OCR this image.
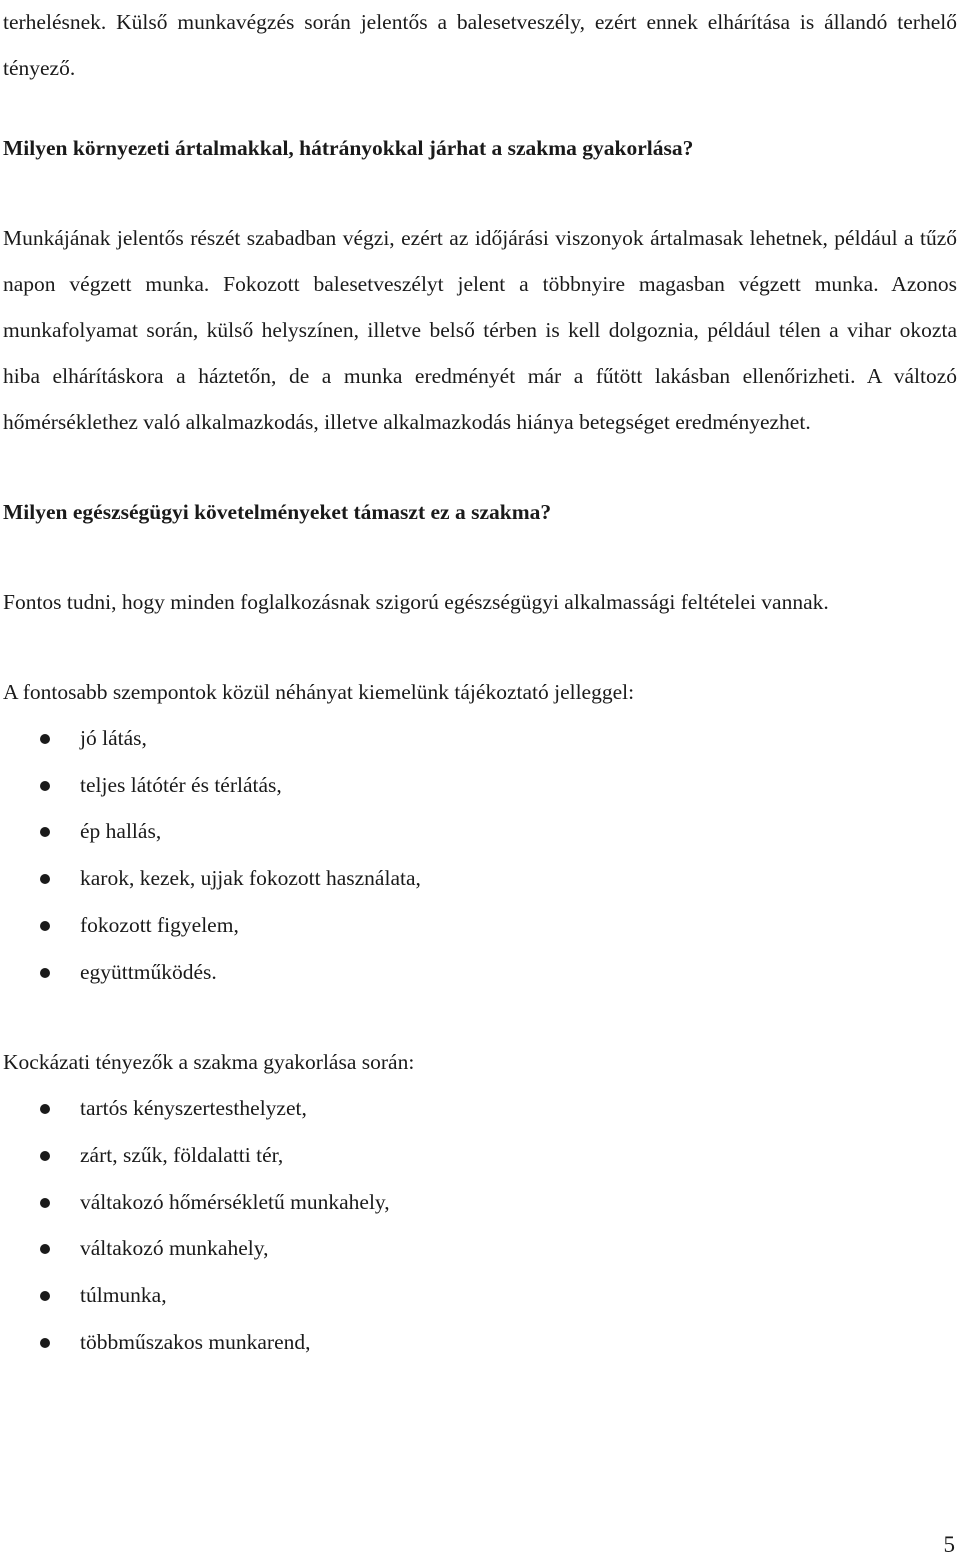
terhelésnek. Külső munkavégzés során jelentős a balesetveszély, ezért ennek elhárítása is állandó terhelő tényező.

Milyen környezeti ártalmakkal, hátrányokkal járhat a szakma gyakorlása?

Munkájának jelentős részét szabadban végzi, ezért az időjárási viszonyok ártalmasak lehetnek, például a tűző napon végzett munka. Fokozott balesetveszélyt jelent a többnyire magasban végzett munka. Azonos munkafolyamat során, külső helyszínen, illetve belső térben is kell dolgoznia, például télen a vihar okozta hiba elhárításkora a háztetőn, de a munka eredményét már a fűtött lakásban ellenőrizheti. A változó hőmérséklethez való alkalmazkodás, illetve alkalmazkodás hiánya betegséget eredményezhet.

Milyen egészségügyi követelményeket támaszt ez a szakma?

Fontos tudni, hogy minden foglalkozásnak szigorú egészségügyi alkalmassági feltételei vannak.

A fontosabb szempontok közül néhányat kiemelünk tájékoztató jelleggel:

jó látás,
teljes látótér és térlátás,
ép hallás,
karok, kezek, ujjak fokozott használata,
fokozott figyelem,
együttműködés.

Kockázati tényezők a szakma gyakorlása során:

tartós kényszertesthelyzet,
zárt, szűk, földalatti tér,
váltakozó hőmérsékletű munkahely,
váltakozó munkahely,
túlmunka,
többműszakos munkarend,
5
